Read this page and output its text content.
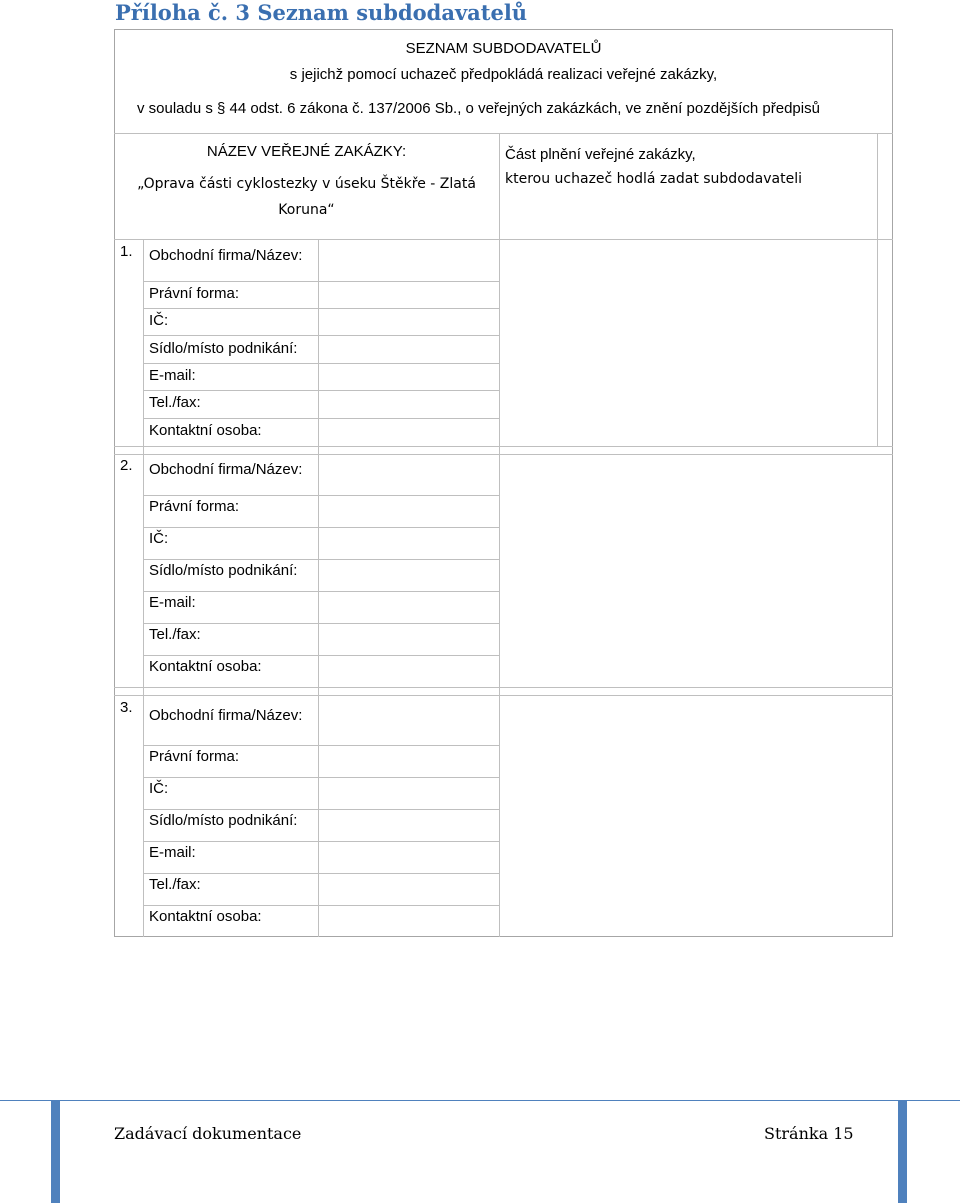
Příloha č. 3 Seznam subdodavatelů
SEZNAM SUBDODAVATELŮ
s jejichž pomocí uchazeč předpokládá realizaci veřejné zakázky,
v souladu s § 44 odst. 6 zákona č. 137/2006 Sb., o veřejných zakázkách, ve znění pozdějších předpisů
NÁZEV VEŘEJNÉ ZAKÁZKY:
„Oprava části cyklostezky v úseku Štěkře - Zlatá
Koruna“
Část plnění veřejné zakázky,
kterou uchazeč hodlá zadat subdodavateli
1. Obchodní firma/Název:
Právní forma:
IČ:
Sídlo/místo podnikání:
E-mail:
Tel./fax:
Kontaktní osoba:
2. Obchodní firma/Název:
Právní forma:
IČ:
Sídlo/místo podnikání:
E-mail:
Tel./fax:
Kontaktní osoba:
3. Obchodní firma/Název:
Právní forma:
IČ:
Sídlo/místo podnikání:
E-mail:
Tel./fax:
Kontaktní osoba:
Zadávací dokumentace	Stránka 15
